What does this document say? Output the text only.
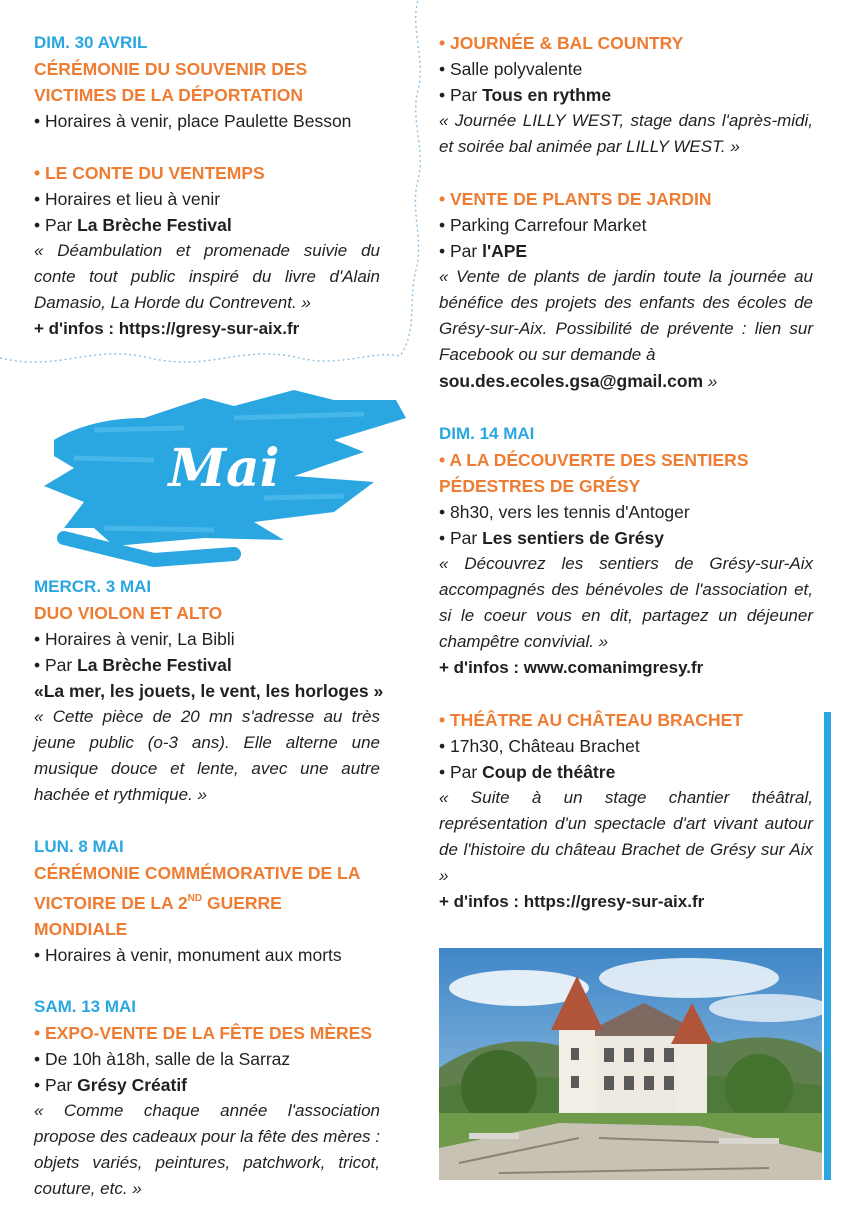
DIM. 30 AVRIL

CÉRÉMONIE DU SOUVENIR DES

VICTIMES DE LA DÉPORTATION

• Horaires à venir, place Paulette Besson

• LE CONTE DU VENTEMPS

• Horaires et lieu à venir

• Par La Brèche Festival

« Déambulation et promenade suivie du conte tout public inspiré du livre d'Alain Damasio, La Horde du Contrevent. »

+ d'infos : https://gresy-sur-aix.fr

Mai

MERCR. 3 MAI

DUO VIOLON ET ALTO

• Horaires à venir, La Bibli

• Par La Brèche Festival

«La mer, les jouets, le vent, les horloges »

« Cette pièce de 20 mn s'adresse au très jeune public (o-3 ans). Elle alterne une musique douce et lente, avec une autre hachée et rythmique. »

LUN. 8 MAI

CÉRÉMONIE COMMÉMORATIVE DE LA

VICTOIRE DE LA 2ND GUERRE MONDIALE

• Horaires à venir, monument aux morts

SAM. 13 MAI

• EXPO-VENTE DE LA FÊTE DES MÈRES

• De 10h à18h, salle de la Sarraz

• Par Grésy Créatif

« Comme chaque année l'association propose des cadeaux pour la fête des mères : objets variés, peintures, patchwork, tricot, couture, etc. »

• JOURNÉE & BAL COUNTRY

• Salle polyvalente

• Par Tous en rythme

« Journée LILLY WEST, stage dans l'après-midi, et soirée bal animée par LILLY WEST. »

• VENTE DE PLANTS DE JARDIN

• Parking Carrefour Market

• Par l'APE

« Vente de plants de jardin toute la journée au bénéfice des projets des enfants des écoles de Grésy-sur-Aix. Possibilité de prévente : lien sur Facebook ou sur demande à

sou.des.ecoles.gsa@gmail.com »

DIM. 14 MAI

• A LA DÉCOUVERTE DES SENTIERS

PÉDESTRES DE GRÉSY

• 8h30, vers les tennis d'Antoger

• Par Les sentiers de Grésy

« Découvrez les sentiers de Grésy-sur-Aix accompagnés des bénévoles de l'association et, si le coeur vous en dit, partagez un déjeuner champêtre convivial. »

+ d'infos : www.comanimgresy.fr

• THÉÂTRE AU CHÂTEAU BRACHET

• 17h30, Château Brachet

• Par Coup de théâtre

« Suite à un stage chantier théâtral, représentation d'un spectacle d'art vivant autour de l'histoire du château Brachet de Grésy sur Aix »

+ d'infos : https://gresy-sur-aix.fr
